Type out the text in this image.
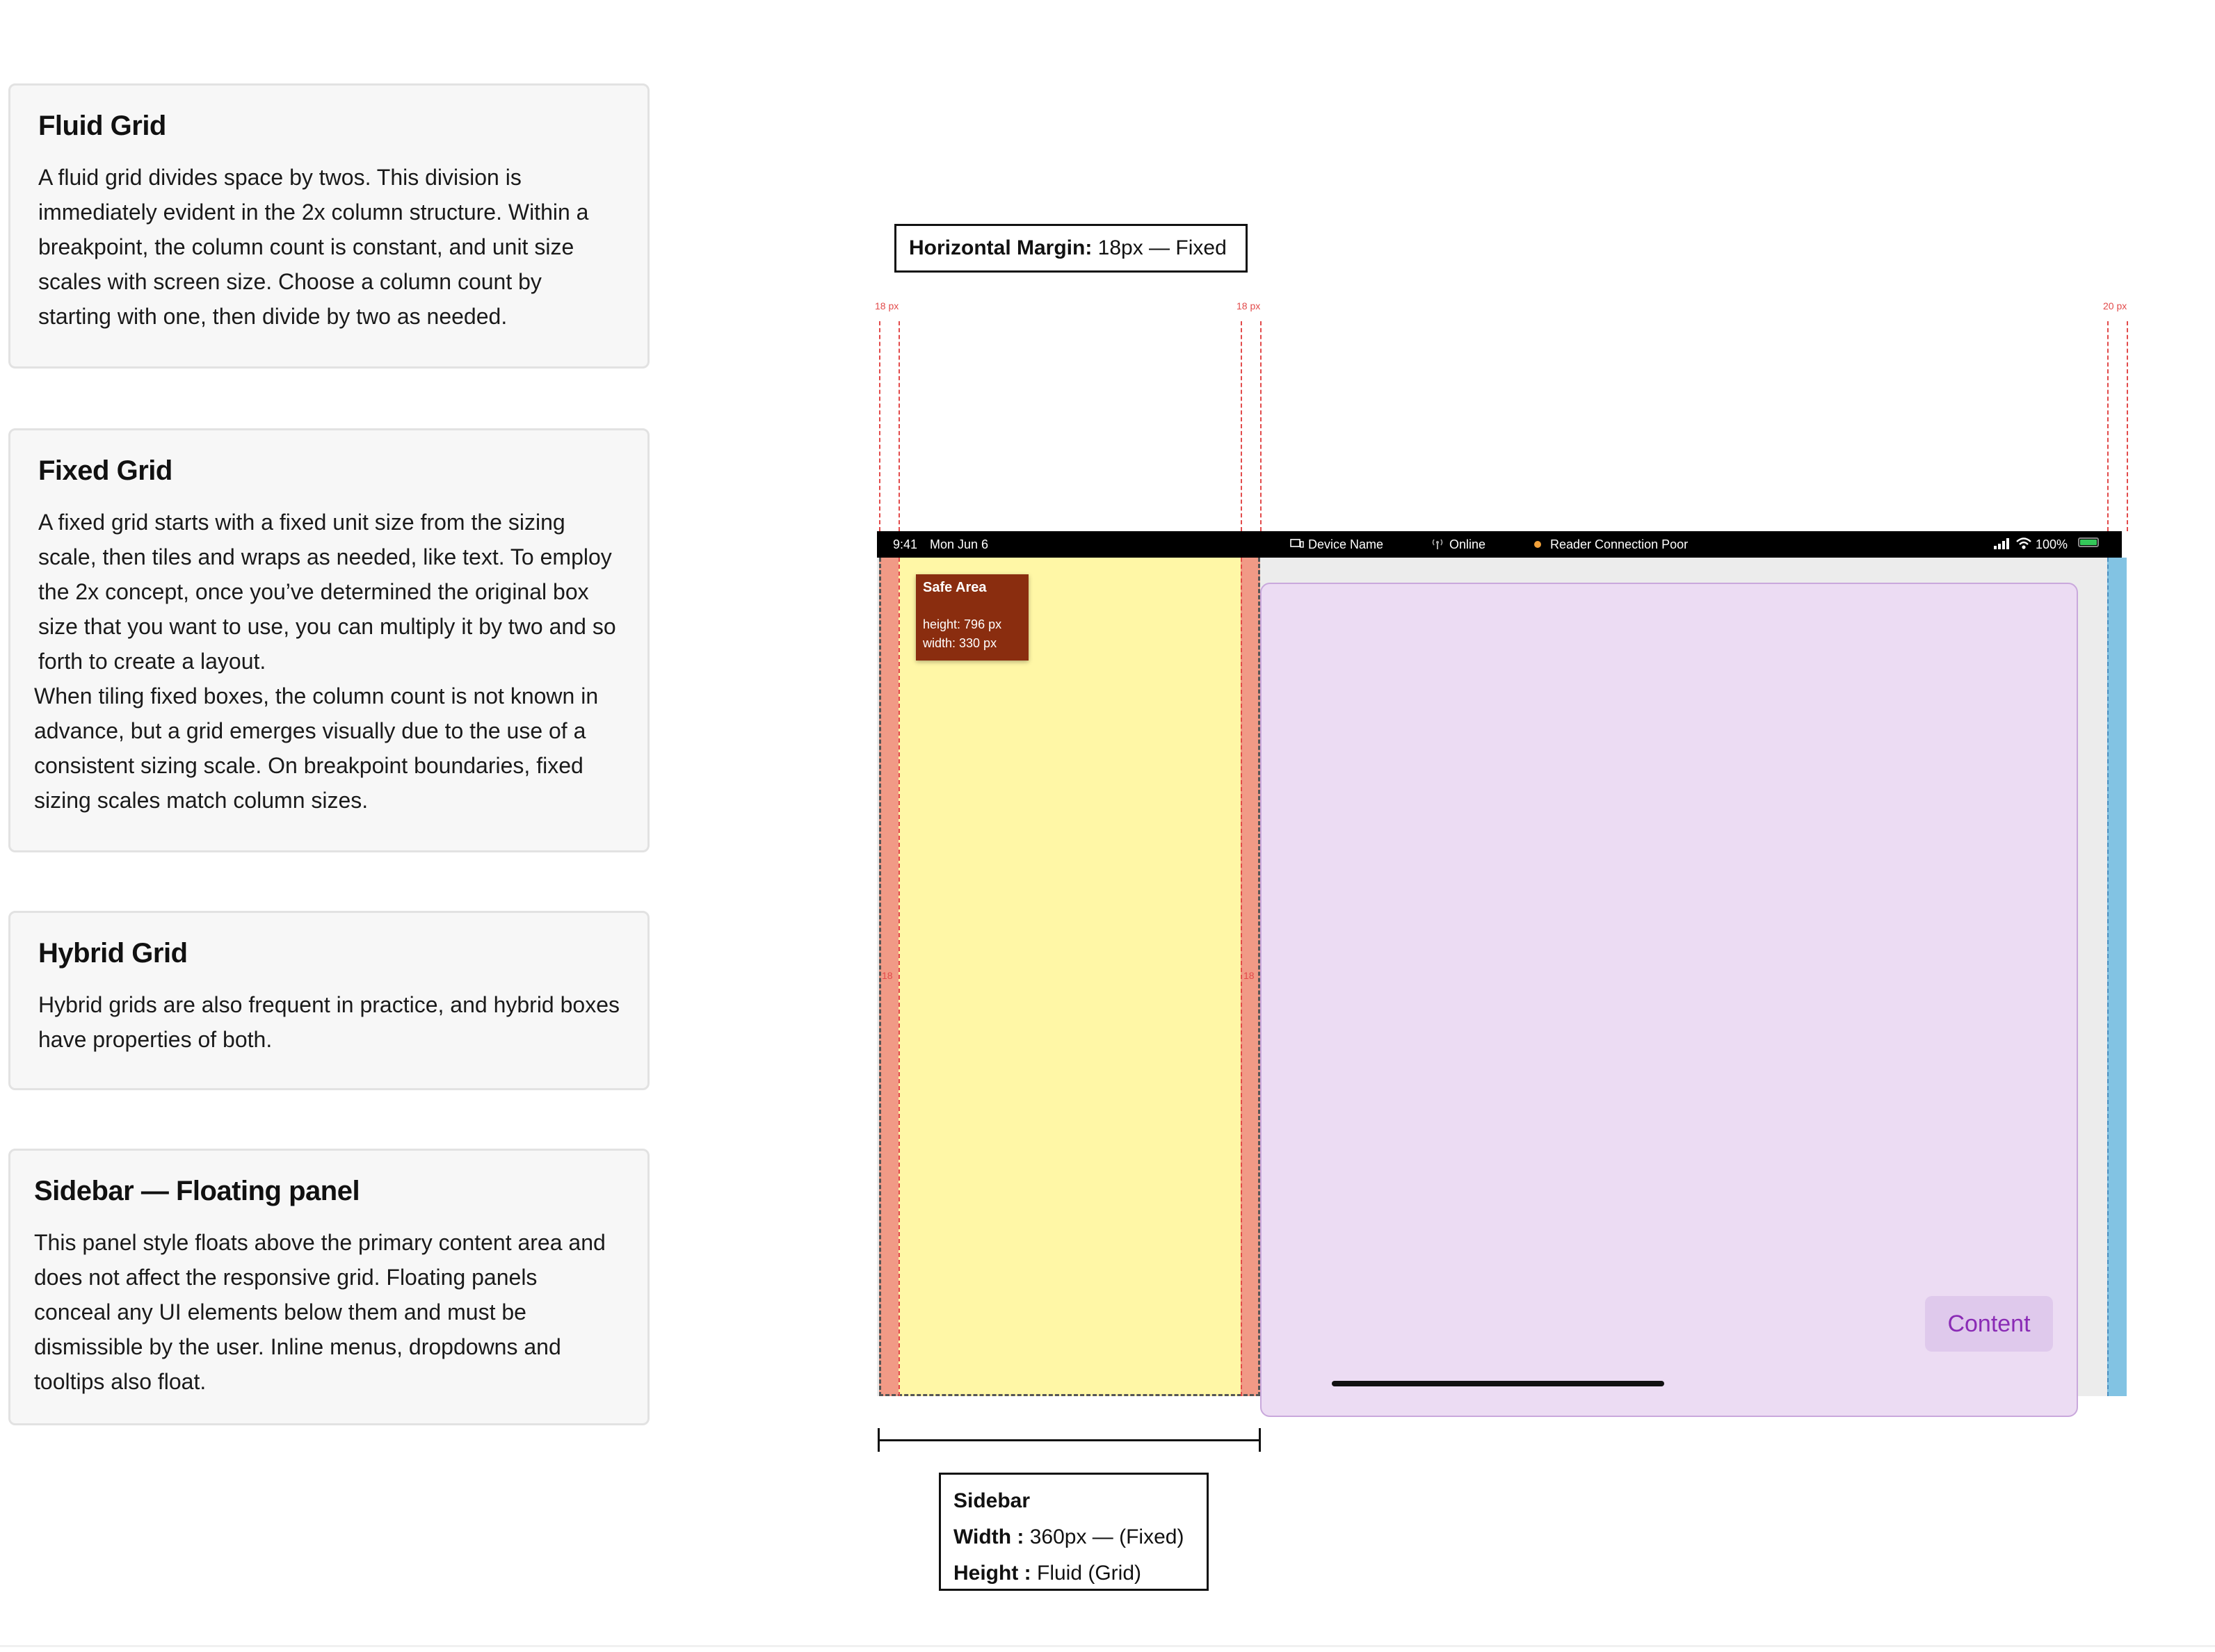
Fluid Grid

A fluid grid divides space by twos. This division is immediately evident in the 2x column structure. Within a breakpoint, the column count is constant, and unit size scales with screen size. Choose a column count by starting with one, then divide by two as needed.

Fixed Grid

A fixed grid starts with a fixed unit size from the sizing scale, then tiles and wraps as needed, like text. To employ the 2x concept, once you’ve determined the original box size that you want to use, you can multiply it by two and so forth to create a layout.

When tiling fixed boxes, the column count is not known in advance, but a grid emerges visually due to the use of a consistent sizing scale. On breakpoint boundaries, fixed sizing scales match column sizes.

Hybrid Grid

Hybrid grids are also frequent in practice, and hybrid boxes have properties of both.

Sidebar — Floating panel

This panel style floats above the primary content area and does not affect the responsive grid. Floating panels conceal any UI elements below them and must be dismissible by the user. Inline menus, dropdowns and tooltips also float.

Horizontal Margin: 18px — Fixed
18 px	18 px	20 px
9:41 Mon Jun 6	Device Name	Online	Reader Connection Poor	100%
18	18
Safe Area
height: 796 px
width: 330 px
Content
Sidebar
Width : 360px — (Fixed)
Height : Fluid (Grid)
